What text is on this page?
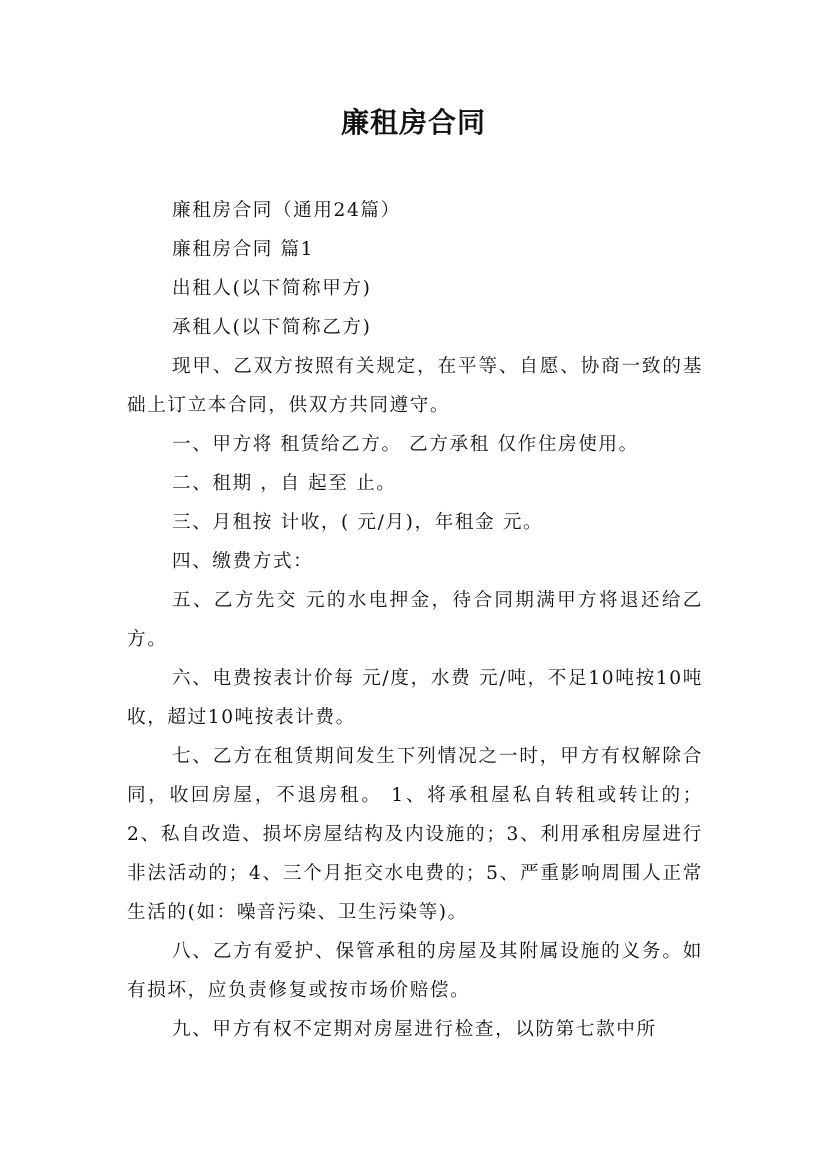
廉租房合同

廉租房合同（通用24篇）

廉租房合同 篇1

出租人(以下简称甲方)

承租人(以下简称乙方)

现甲、乙双方按照有关规定，在平等、自愿、协商一致的基础上订立本合同，供双方共同遵守。

一、甲方将 租赁给乙方。 乙方承租 仅作住房使用。

二、租期 ，自 起至 止。

三、月租按 计收，( 元/月)，年租金 元。

四、缴费方式：

五、乙方先交 元的水电押金，待合同期满甲方将退还给乙方。

六、电费按表计价每 元/度，水费 元/吨，不足10吨按10吨收，超过10吨按表计费。

七、乙方在租赁期间发生下列情况之一时，甲方有权解除合同，收回房屋，不退房租。 1、将承租屋私自转租或转让的；2、私自改造、损坏房屋结构及内设施的；3、利用承租房屋进行非法活动的；4、三个月拒交水电费的；5、严重影响周围人正常生活的(如：噪音污染、卫生污染等)。

八、乙方有爱护、保管承租的房屋及其附属设施的义务。如有损坏，应负责修复或按市场价赔偿。

九、甲方有权不定期对房屋进行检查，以防第七款中所
